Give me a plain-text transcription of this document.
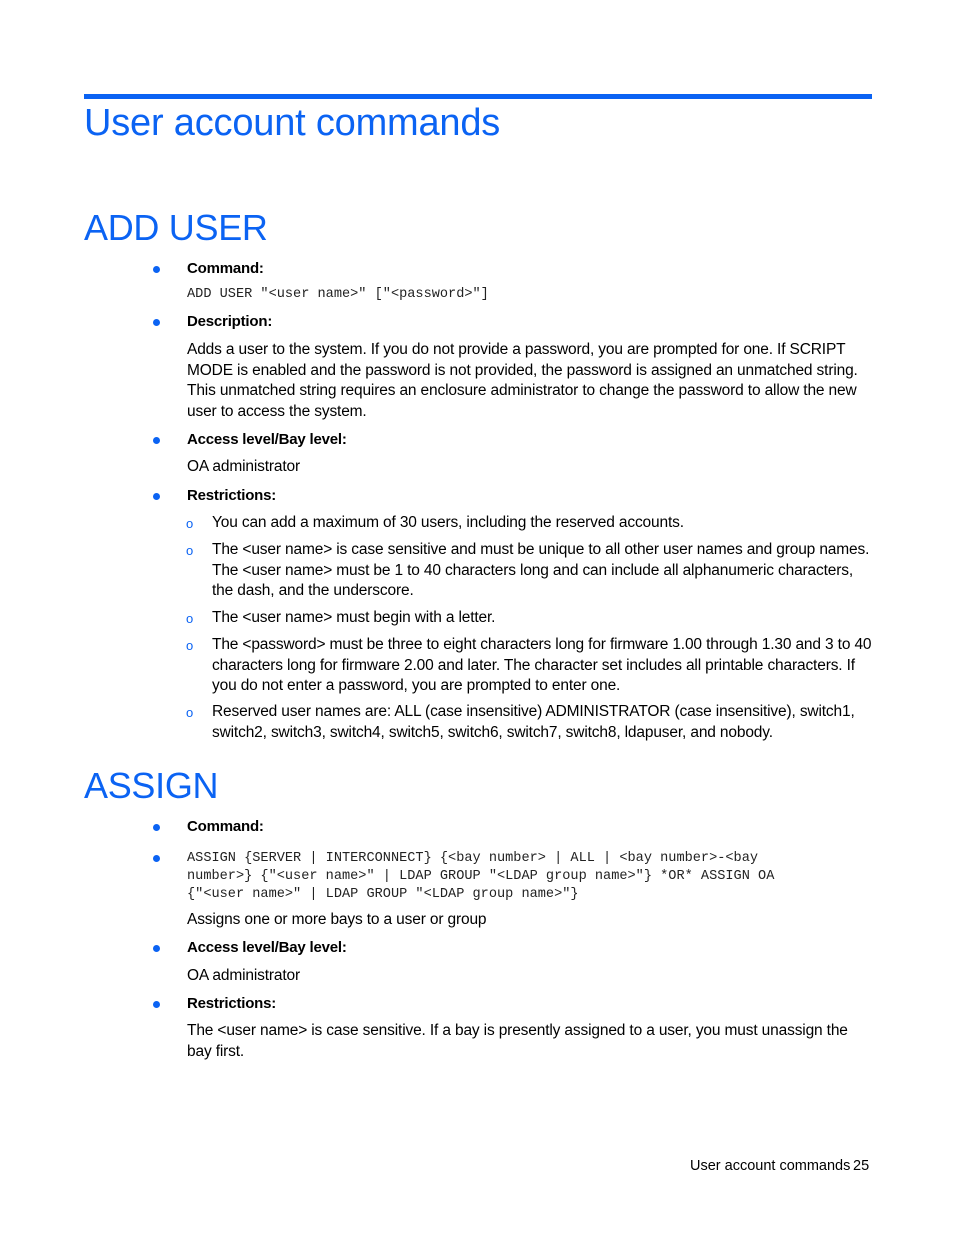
User account commands
ADD USER
Command:
ADD USER "<user name>" ["<password>"]
Description:
Adds a user to the system. If you do not provide a password, you are prompted for one. If SCRIPT MODE is enabled and the password is not provided, the password is assigned an unmatched string. This unmatched string requires an enclosure administrator to change the password to allow the new user to access the system.
Access level/Bay level:
OA administrator
Restrictions:
o You can add a maximum of 30 users, including the reserved accounts.
o The <user name> is case sensitive and must be unique to all other user names and group names. The <user name> must be 1 to 40 characters long and can include all alphanumeric characters, the dash, and the underscore.
o The <user name> must begin with a letter.
o The <password> must be three to eight characters long for firmware 1.00 through 1.30 and 3 to 40 characters long for firmware 2.00 and later. The character set includes all printable characters. If you do not enter a password, you are prompted to enter one.
o Reserved user names are: ALL (case insensitive) ADMINISTRATOR (case insensitive), switch1, switch2, switch3, switch4, switch5, switch6, switch7, switch8, ldapuser, and nobody.
ASSIGN
Command:
ASSIGN {SERVER | INTERCONNECT} {<bay number> | ALL | <bay number>-<bay
number>} {"<user name>" | LDAP GROUP "<LDAP group name>"} *OR* ASSIGN OA
{"<user name>" | LDAP GROUP "<LDAP group name>"}
Assigns one or more bays to a user or group
Access level/Bay level:
OA administrator
Restrictions:
The <user name> is case sensitive. If a bay is presently assigned to a user, you must unassign the bay first.
User account commands 25
